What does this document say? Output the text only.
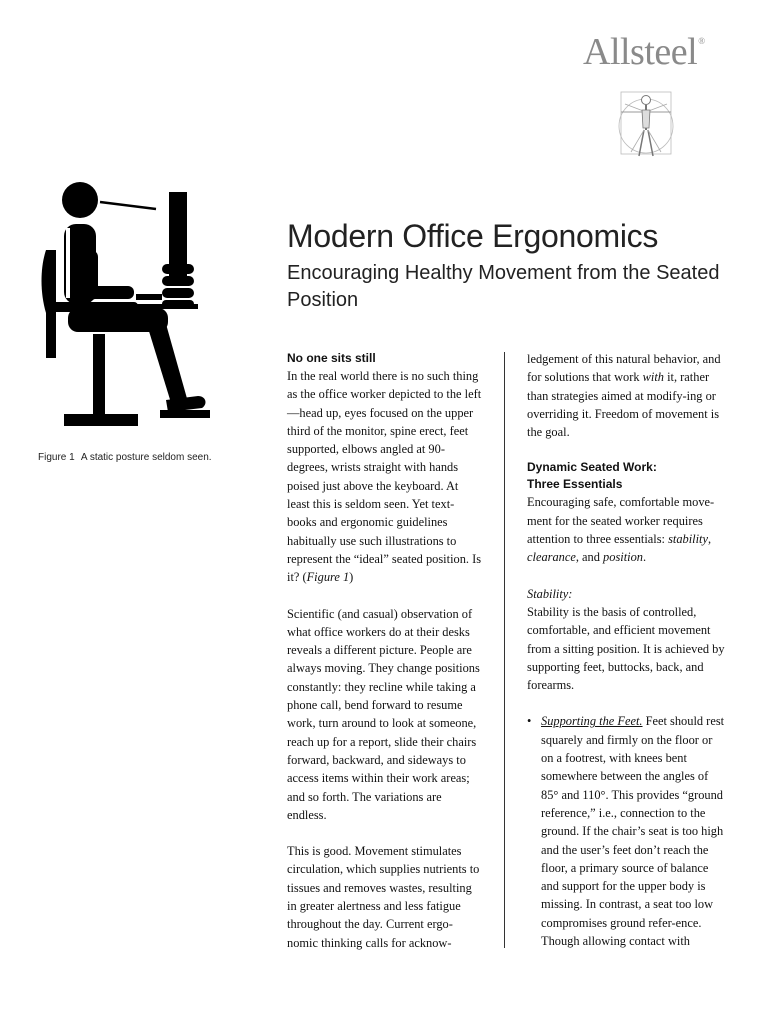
Allsteel®
Figure 1 A static posture seldom seen.
Modern Office Ergonomics
Encouraging Healthy Movement from the Seated Position
No one sits still

In the real world there is no such thing as the office worker depicted to the left—head up, eyes focused on the upper third of the monitor, spine erect, feet supported, elbows angled at 90-degrees, wrists straight with hands poised just above the keyboard. At least this is seldom seen. Yet text-books and ergonomic guidelines habitually use such illustrations to represent the “ideal” seated position. Is it? (Figure 1)

Scientific (and casual) observation of what office workers do at their desks reveals a different picture. People are always moving. They change positions constantly: they recline while taking a phone call, bend forward to resume work, turn around to look at someone, reach up for a report, slide their chairs forward, backward, and sideways to access items within their work areas; and so forth. The variations are endless.

This is good. Movement stimulates circulation, which supplies nutrients to tissues and removes wastes, resulting in greater alertness and less fatigue throughout the day. Current ergo-nomic thinking calls for acknow-

ledgement of this natural behavior, and for solutions that work with it, rather than strategies aimed at modify-ing or overriding it. Freedom of movement is the goal.

Dynamic Seated Work:
Three Essentials

Encouraging safe, comfortable move-ment for the seated worker requires attention to three essentials: stability, clearance, and position.

Stability:

Stability is the basis of controlled, comfortable, and efficient movement from a sitting position. It is achieved by supporting feet, buttocks, back, and forearms.

• Supporting the Feet. Feet should rest squarely and firmly on the floor or on a footrest, with knees bent somewhere between the angles of 85° and 110°. This provides “ground reference,” i.e., connection to the ground. If the chair’s seat is too high and the user’s feet don’t reach the floor, a primary source of balance and support for the upper body is missing. In contrast, a seat too low compromises ground refer-ence. Though allowing contact with
